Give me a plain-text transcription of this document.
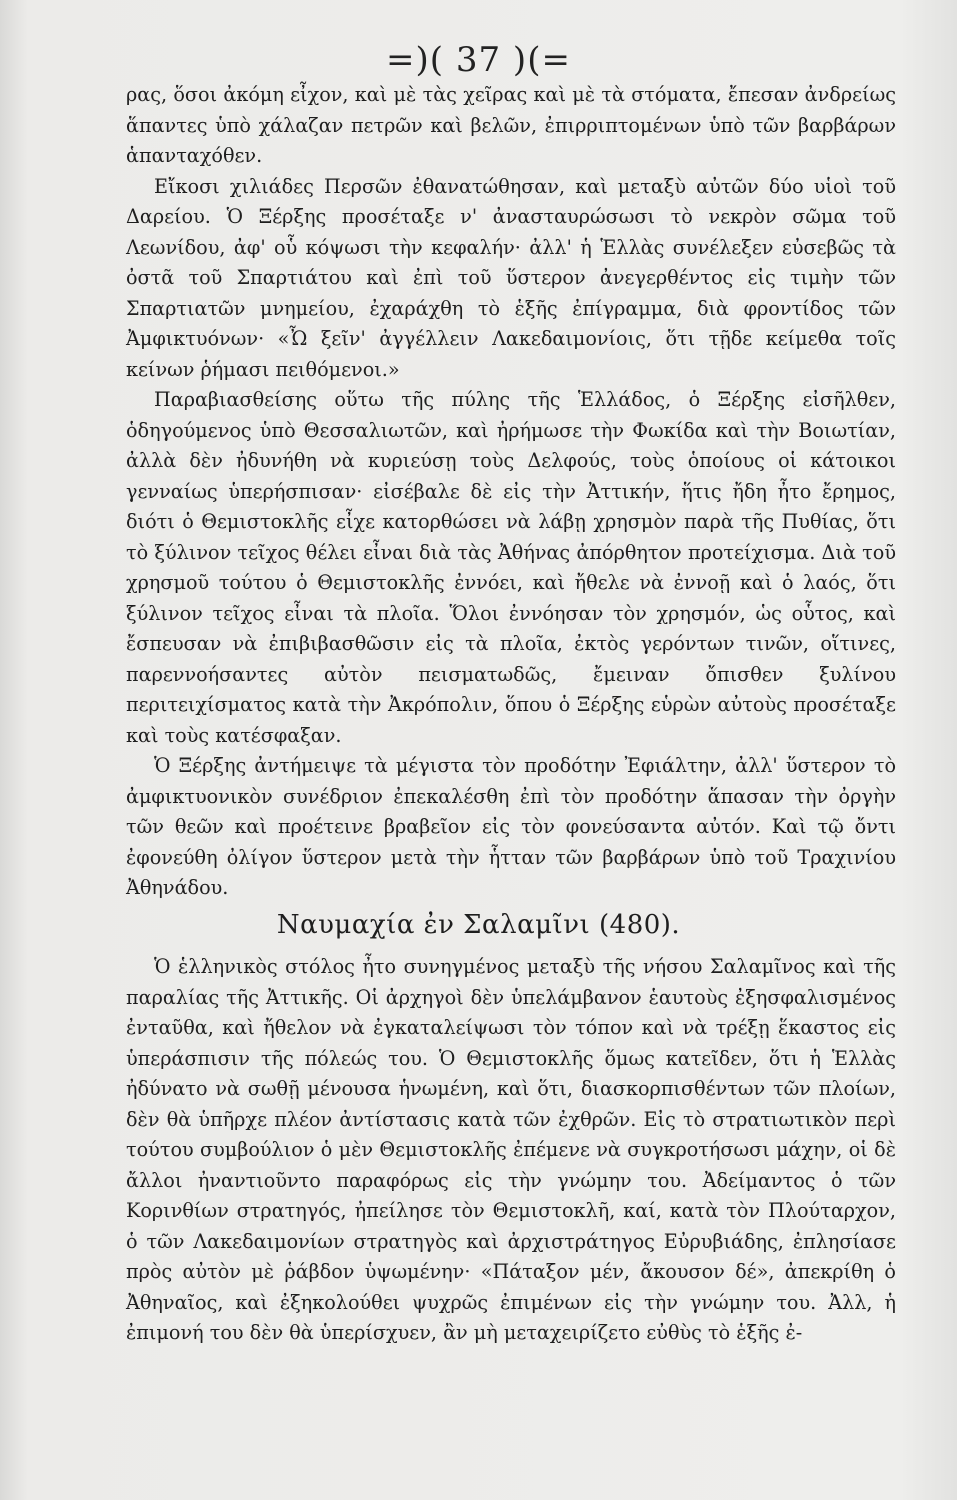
=)( 37 )(=

ρας, ὅσοι ἀκόμη εἶχον, καὶ μὲ τὰς χεῖρας καὶ μὲ τὰ στόματα, ἔπεσαν ἀνδρείως ἅπαντες ὑπὸ χάλαζαν πετρῶν καὶ βελῶν, ἐπιρριπτομένων ὑπὸ τῶν βαρβάρων ἁπανταχόθεν.

Εἴκοσι χιλιάδες Περσῶν ἐθανατώθησαν, καὶ μεταξὺ αὐτῶν δύο υἱοὶ τοῦ Δαρείου. Ὁ Ξέρξης προσέταξε ν' ἀνασταυρώσωσι τὸ νεκρὸν σῶμα τοῦ Λεωνίδου, ἀφ' οὗ κόψωσι τὴν κεφαλήν· ἀλλ' ἡ Ἑλλὰς συνέλεξεν εὐσεβῶς τὰ ὀστᾶ τοῦ Σπαρτιάτου καὶ ἐπὶ τοῦ ὕστερον ἀνεγερθέντος εἰς τιμὴν τῶν Σπαρτιατῶν μνημείου, ἐχαράχθη τὸ ἑξῆς ἐπίγραμμα, διὰ φροντίδος τῶν Ἀμφικτυόνων· «Ὦ ξεῖν' ἀγγέλλειν Λακεδαιμονίοις, ὅτι τῇδε κείμεθα τοῖς κείνων ῥήμασι πειθόμενοι.»

Παραβιασθείσης οὕτω τῆς πύλης τῆς Ἑλλάδος, ὁ Ξέρξης εἰσῆλθεν, ὁδηγούμενος ὑπὸ Θεσσαλιωτῶν, καὶ ἠρήμωσε τὴν Φωκίδα καὶ τὴν Βοιωτίαν, ἀλλὰ δὲν ἠδυνήθη νὰ κυριεύσῃ τοὺς Δελφούς, τοὺς ὁποίους οἱ κάτοικοι γενναίως ὑπερήσπισαν· εἰσέβαλε δὲ εἰς τὴν Ἀττικήν, ἥτις ἤδη ἦτο ἔρημος, διότι ὁ Θεμιστοκλῆς εἶχε κατορθώσει νὰ λάβῃ χρησμὸν παρὰ τῆς Πυθίας, ὅτι τὸ ξύλινον τεῖχος θέλει εἶναι διὰ τὰς Ἀθήνας ἀπόρθητον προτείχισμα. Διὰ τοῦ χρησμοῦ τούτου ὁ Θεμιστοκλῆς ἐννόει, καὶ ἤθελε νὰ ἐννοῇ καὶ ὁ λαός, ὅτι ξύλινον τεῖχος εἶναι τὰ πλοῖα. Ὅλοι ἐννόησαν τὸν χρησμόν, ὡς οὗτος, καὶ ἔσπευσαν νὰ ἐπιβιβασθῶσιν εἰς τὰ πλοῖα, ἐκτὸς γερόντων τινῶν, οἵτινες, παρεννοήσαντες αὐτὸν πεισματωδῶς, ἔμειναν ὄπισθεν ξυλίνου περιτειχίσματος κατὰ τὴν Ἀκρόπολιν, ὅπου ὁ Ξέρξης εὑρὼν αὐτοὺς προσέταξε καὶ τοὺς κατέσφαξαν.

Ὁ Ξέρξης ἀντήμειψε τὰ μέγιστα τὸν προδότην Ἐφιάλτην, ἀλλ' ὕστερον τὸ ἀμφικτυονικὸν συνέδριον ἐπεκαλέσθη ἐπὶ τὸν προδότην ἅπασαν τὴν ὀργὴν τῶν θεῶν καὶ προέτεινε βραβεῖον εἰς τὸν φονεύσαντα αὐτόν. Καὶ τῷ ὄντι ἐφονεύθη ὀλίγον ὕστερον μετὰ τὴν ἧτταν τῶν βαρβάρων ὑπὸ τοῦ Τραχινίου Ἀθηνάδου.

Ναυμαχία ἐν Σαλαμῖνι (480).

Ὁ ἑλληνικὸς στόλος ἦτο συνηγμένος μεταξὺ τῆς νήσου Σαλαμῖνος καὶ τῆς παραλίας τῆς Ἀττικῆς. Οἱ ἀρχηγοὶ δὲν ὑπελάμβανον ἑαυτοὺς ἐξησφαλισμένος ἐνταῦθα, καὶ ἤθελον νὰ ἐγκαταλείψωσι τὸν τόπον καὶ νὰ τρέξῃ ἕκαστος εἰς ὑπεράσπισιν τῆς πόλεώς του. Ὁ Θεμιστοκλῆς ὅμως κατεῖδεν, ὅτι ἡ Ἑλλὰς ἠδύνατο νὰ σωθῇ μένουσα ἡνωμένη, καὶ ὅτι, διασκορπισθέντων τῶν πλοίων, δὲν θὰ ὑπῆρχε πλέον ἀντίστασις κατὰ τῶν ἐχθρῶν. Εἰς τὸ στρατιωτικὸν περὶ τούτου συμβούλιον ὁ μὲν Θεμιστοκλῆς ἐπέμενε νὰ συγκροτήσωσι μάχην, οἱ δὲ ἄλλοι ἠναντιοῦντο παραφόρως εἰς τὴν γνώμην του. Ἀδείμαντος ὁ τῶν Κορινθίων στρατηγός, ἠπείλησε τὸν Θεμιστοκλῆ, καί, κατὰ τὸν Πλούταρχον, ὁ τῶν Λακεδαιμονίων στρατηγὸς καὶ ἀρχιστράτηγος Εὐρυβιάδης, ἐπλησίασε πρὸς αὐτὸν μὲ ῥάβδον ὑψωμένην· «Πάταξον μέν, ἄκουσον δέ», ἀπεκρίθη ὁ Ἀθηναῖος, καὶ ἐξηκολούθει ψυχρῶς ἐπιμένων εἰς τὴν γνώμην του. Ἀλλ, ἡ ἐπιμονή του δὲν θὰ ὑπερίσχυεν, ἂν μὴ μεταχειρίζετο εὐθὺς τὸ ἑξῆς ἐ-
